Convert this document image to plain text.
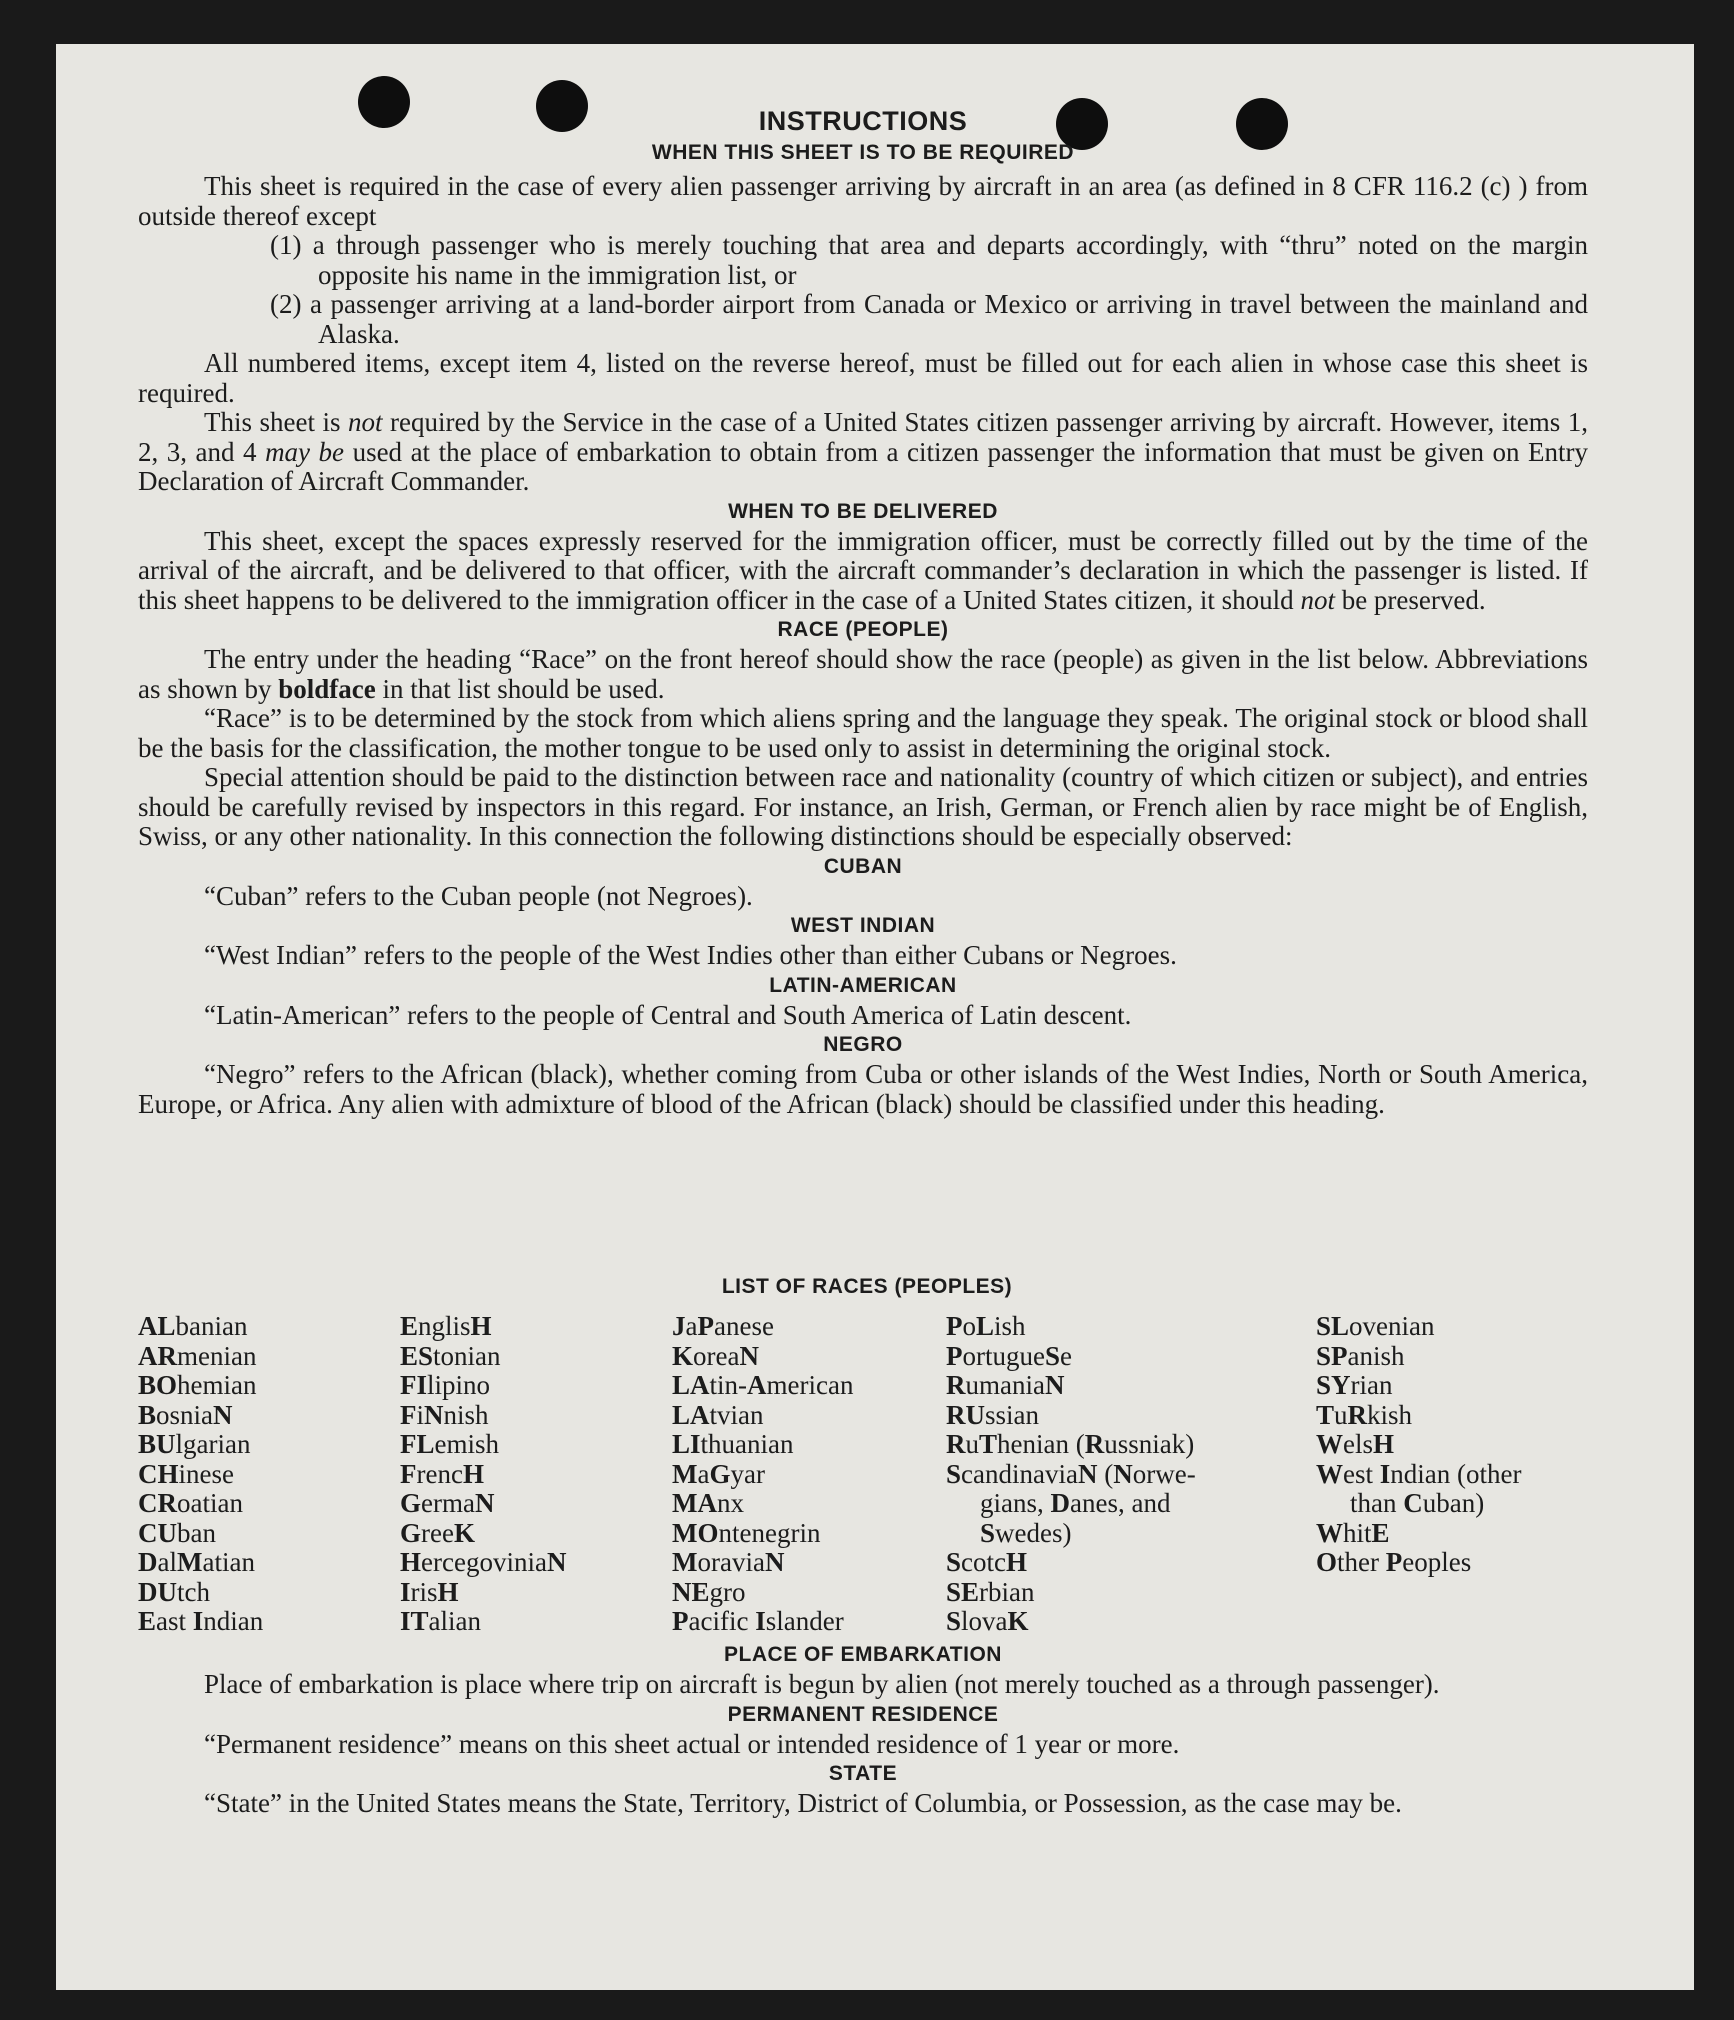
INSTRUCTIONS

WHEN THIS SHEET IS TO BE REQUIRED

This sheet is required in the case of every alien passenger arriving by aircraft in an area (as defined in 8 CFR 116.2 (c) ) from outside thereof except

(1) a through passenger who is merely touching that area and departs accordingly, with “thru” noted on the margin opposite his name in the immigration list, or

(2) a passenger arriving at a land-border airport from Canada or Mexico or arriving in travel between the mainland and Alaska.

All numbered items, except item 4, listed on the reverse hereof, must be filled out for each alien in whose case this sheet is required.

This sheet is not required by the Service in the case of a United States citizen passenger arriving by aircraft. However, items 1, 2, 3, and 4 may be used at the place of embarkation to obtain from a citizen passenger the information that must be given on Entry Declaration of Aircraft Commander.

WHEN TO BE DELIVERED

This sheet, except the spaces expressly reserved for the immigration officer, must be correctly filled out by the time of the arrival of the aircraft, and be delivered to that officer, with the aircraft commander’s declaration in which the passenger is listed. If this sheet happens to be delivered to the immigration officer in the case of a United States citizen, it should not be preserved.

RACE (PEOPLE)

The entry under the heading “Race” on the front hereof should show the race (people) as given in the list below. Abbreviations as shown by boldface in that list should be used.

“Race” is to be determined by the stock from which aliens spring and the language they speak. The original stock or blood shall be the basis for the classification, the mother tongue to be used only to assist in determining the original stock.

Special attention should be paid to the distinction between race and nationality (country of which citizen or subject), and entries should be carefully revised by inspectors in this regard. For instance, an Irish, German, or French alien by race might be of English, Swiss, or any other nationality. In this connection the following distinctions should be especially observed:

CUBAN

“Cuban” refers to the Cuban people (not Negroes).

WEST INDIAN

“West Indian” refers to the people of the West Indies other than either Cubans or Negroes.

LATIN-AMERICAN

“Latin-American” refers to the people of Central and South America of Latin descent.

NEGRO

“Negro” refers to the African (black), whether coming from Cuba or other islands of the West Indies, North or South America, Europe, or Africa. Any alien with admixture of blood of the African (black) should be classified under this heading.

LIST OF RACES (PEOPLES)

ALbanian
ARmenian
BOhemian
BosniaN
BUlgarian
CHinese
CRoatian
CUban
DalMatian
DUtch
East Indian
EnglisH
EStonian
FIlipino
FiNnish
FLemish
FrencH
GermaN
GreeK
HercegoviniaN
IrisH
ITalian
JaPanese
KoreaN
LAtin-American
LAtvian
LIthuanian
MaGyar
MAnx
MOntenegrin
MoraviaN
NEgro
Pacific Islander
PoLish
PortugueSe
RumaniaN
RUssian
RuThenian (Russniak)
ScandinaviaN (Norwe-
gians, Danes, and
Swedes)
ScotcH
SErbian
SlovaK
SLovenian
SPanish
SYrian
TuRkish
WelsH
West Indian (other
than Cuban)
WhitE
Other Peoples

PLACE OF EMBARKATION

Place of embarkation is place where trip on aircraft is begun by alien (not merely touched as a through passenger).

PERMANENT RESIDENCE

“Permanent residence” means on this sheet actual or intended residence of 1 year or more.

STATE

“State” in the United States means the State, Territory, District of Columbia, or Possession, as the case may be.
